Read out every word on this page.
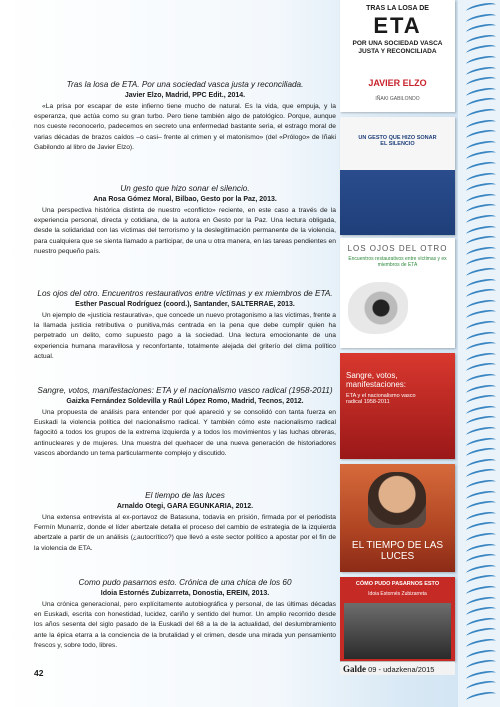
TRAS LA LOSA DE
ETA
POR UNA SOCIEDAD VASCA JUSTA Y RECONCILIADA
JAVIER ELZO
IÑAKI GABILONDO
UN GESTO QUE HIZO SONAR EL SILENCIO
LOS OJOS DEL OTRO
Encuentros restaurativos entre víctimas y ex miembros de ETA
Sangre, votos, manifestaciones:
ETA y el nacionalismo vasco radical 1958-2011
EL TIEMPO DE LAS LUCES
CÓMO PUDO PASARNOS ESTO
Idoia Estornés Zubizarreta
Tras la losa de ETA. Por una sociedad vasca justa y reconciliada.
Javier Elzo, Madrid, PPC Edit., 2014.

«La prisa por escapar de este infierno tiene mucho de natural. Es la vida, que empuja, y la esperanza, que actúa como su gran turbo. Pero tiene también algo de patológico. Porque, aunque nos cueste reconocerlo, padecemos en secreto una enfermedad bastante seria, el estrago moral de varias décadas de brazos caídos –o casi– frente al crimen y el matonismo» (del «Prólogo» de Iñaki Gabilondo al libro de Javier Elzo).

Un gesto que hizo sonar el silencio.
Ana Rosa Gómez Moral, Bilbao, Gesto por la Paz, 2013.

Una perspectiva histórica distinta de nuestro «conflicto» reciente, en este caso a través de la experiencia personal, directa y cotidiana, de la autora en Gesto por la Paz. Una lectura obligada, desde la solidaridad con las víctimas del terrorismo y la deslegitimación permanente de la violencia, para cualquiera que se sienta llamado a participar, de una u otra manera, en las tareas pendientes en nuestro pequeño país.

Los ojos del otro. Encuentros restaurativos entre víctimas y ex miembros de ETA.
Esther Pascual Rodríguez (coord.), Santander, SALTERRAE, 2013.

Un ejemplo de «justicia restaurativa», que concede un nuevo protagonismo a las víctimas, frente a la llamada justicia retributiva o punitiva,más centrada en la pena que debe cumplir quien ha perpetrado un delito, como supuesto pago a la sociedad. Una lectura emocionante de una experiencia humana maravillosa y reconfortante, totalmente alejada del griterío del clima político actual.

Sangre, votos, manifestaciones: ETA y el nacionalismo vasco radical (1958-2011)
Gaizka Fernández Soldevilla y Raúl López Romo, Madrid, Tecnos, 2012.

Una propuesta de análisis para entender por qué apareció y se consolidó con tanta fuerza en Euskadi la violencia política del nacionalismo radical. Y también cómo este nacionalismo radical fagocitó a todos los grupos de la extrema izquierda y a todos los movimientos y las luchas obreras, antinucleares y de mujeres. Una muestra del quehacer de una nueva generación de historiadores vascos abordando un tema particularmente complejo y discutido.

El tiempo de las luces
Arnaldo Otegi, GARA EGUNKARIA, 2012.

Una extensa entrevista al ex-portavoz de Batasuna, todavía en prisión, firmada por el periodista Fermín Munarriz, donde el líder abertzale detalla el proceso del cambio de estrategia de la izquierda abertzale a partir de un análisis (¿autocrítico?) que llevó a este sector político a apostar por el fin de la violencia de ETA.

Como pudo pasarnos esto. Crónica de una chica de los 60
Idoia Estornés Zubizarreta, Donostia, EREIN, 2013.

Una crónica generacional, pero explícitamente autobiográfica y personal, de las últimas décadas en Euskadi, escrita con honestidad, lucidez, cariño y sentido del humor. Un amplio recorrido desde los años sesenta del siglo pasado de la Euskadi del 68 a la de la actualidad, del deslumbramiento ante la épica etarra a la conciencia de la brutalidad y el crimen, desde una mirada yun pensamiento frescos y, sobre todo, libres.

42	Galde 09 - udazkena/2015
